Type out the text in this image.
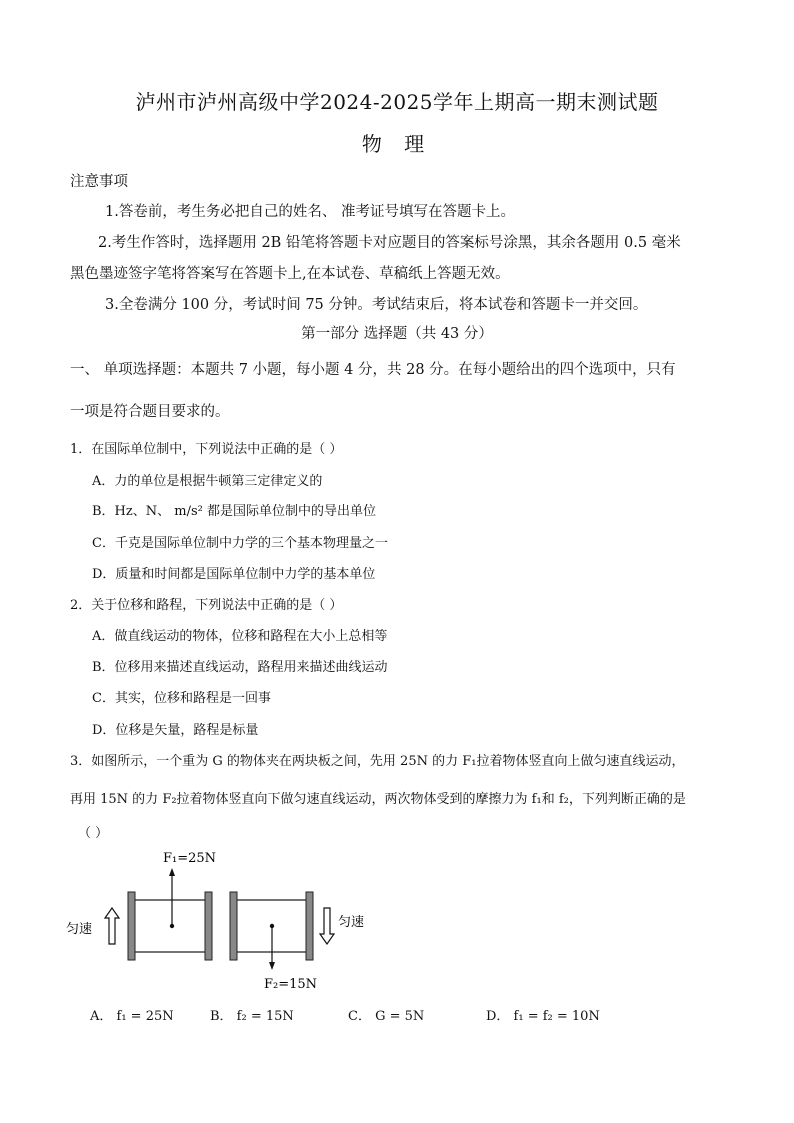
泸州市泸州高级中学2024-2025学年上期高一期末测试题
物 理
注意事项
1.答卷前，考生务必把自己的姓名、 准考证号填写在答题卡上。
2.考生作答时，选择题用 2B 铅笔将答题卡对应题目的答案标号涂黑，其余各题用 0.5 毫米
黑色墨迹签字笔将答案写在答题卡上,在本试卷、草稿纸上答题无效。
3.全卷满分 100 分，考试时间 75 分钟。考试结束后，将本试卷和答题卡一并交回。
第一部分 选择题（共 43 分）
一、 单项选择题：本题共 7 小题，每小题 4 分，共 28 分。在每小题给出的四个选项中，只有
一项是符合题目要求的。
1．在国际单位制中，下列说法中正确的是（ ）
A．力的单位是根据牛顿第三定律定义的
B．Hz、N、 m/s² 都是国际单位制中的导出单位
C．千克是国际单位制中力学的三个基本物理量之一
D．质量和时间都是国际单位制中力学的基本单位
2．关于位移和路程，下列说法中正确的是（ ）
A．做直线运动的物体，位移和路程在大小上总相等
B．位移用来描述直线运动，路程用来描述曲线运动
C．其实，位移和路程是一回事
D．位移是矢量，路程是标量
3．如图所示，一个重为 G 的物体夹在两块板之间，先用 25N 的力 F₁拉着物体竖直向上做匀速直线运动，
再用 15N 的力 F₂拉着物体竖直向下做匀速直线运动，两次物体受到的摩擦力为 f₁和 f₂，下列判断正确的是
（ ）
F₁=25N
匀速
F₂=15N
匀速
A． f₁ = 25N	B． f₂ = 15N	C． G = 5N	D． f₁ = f₂ = 10N
